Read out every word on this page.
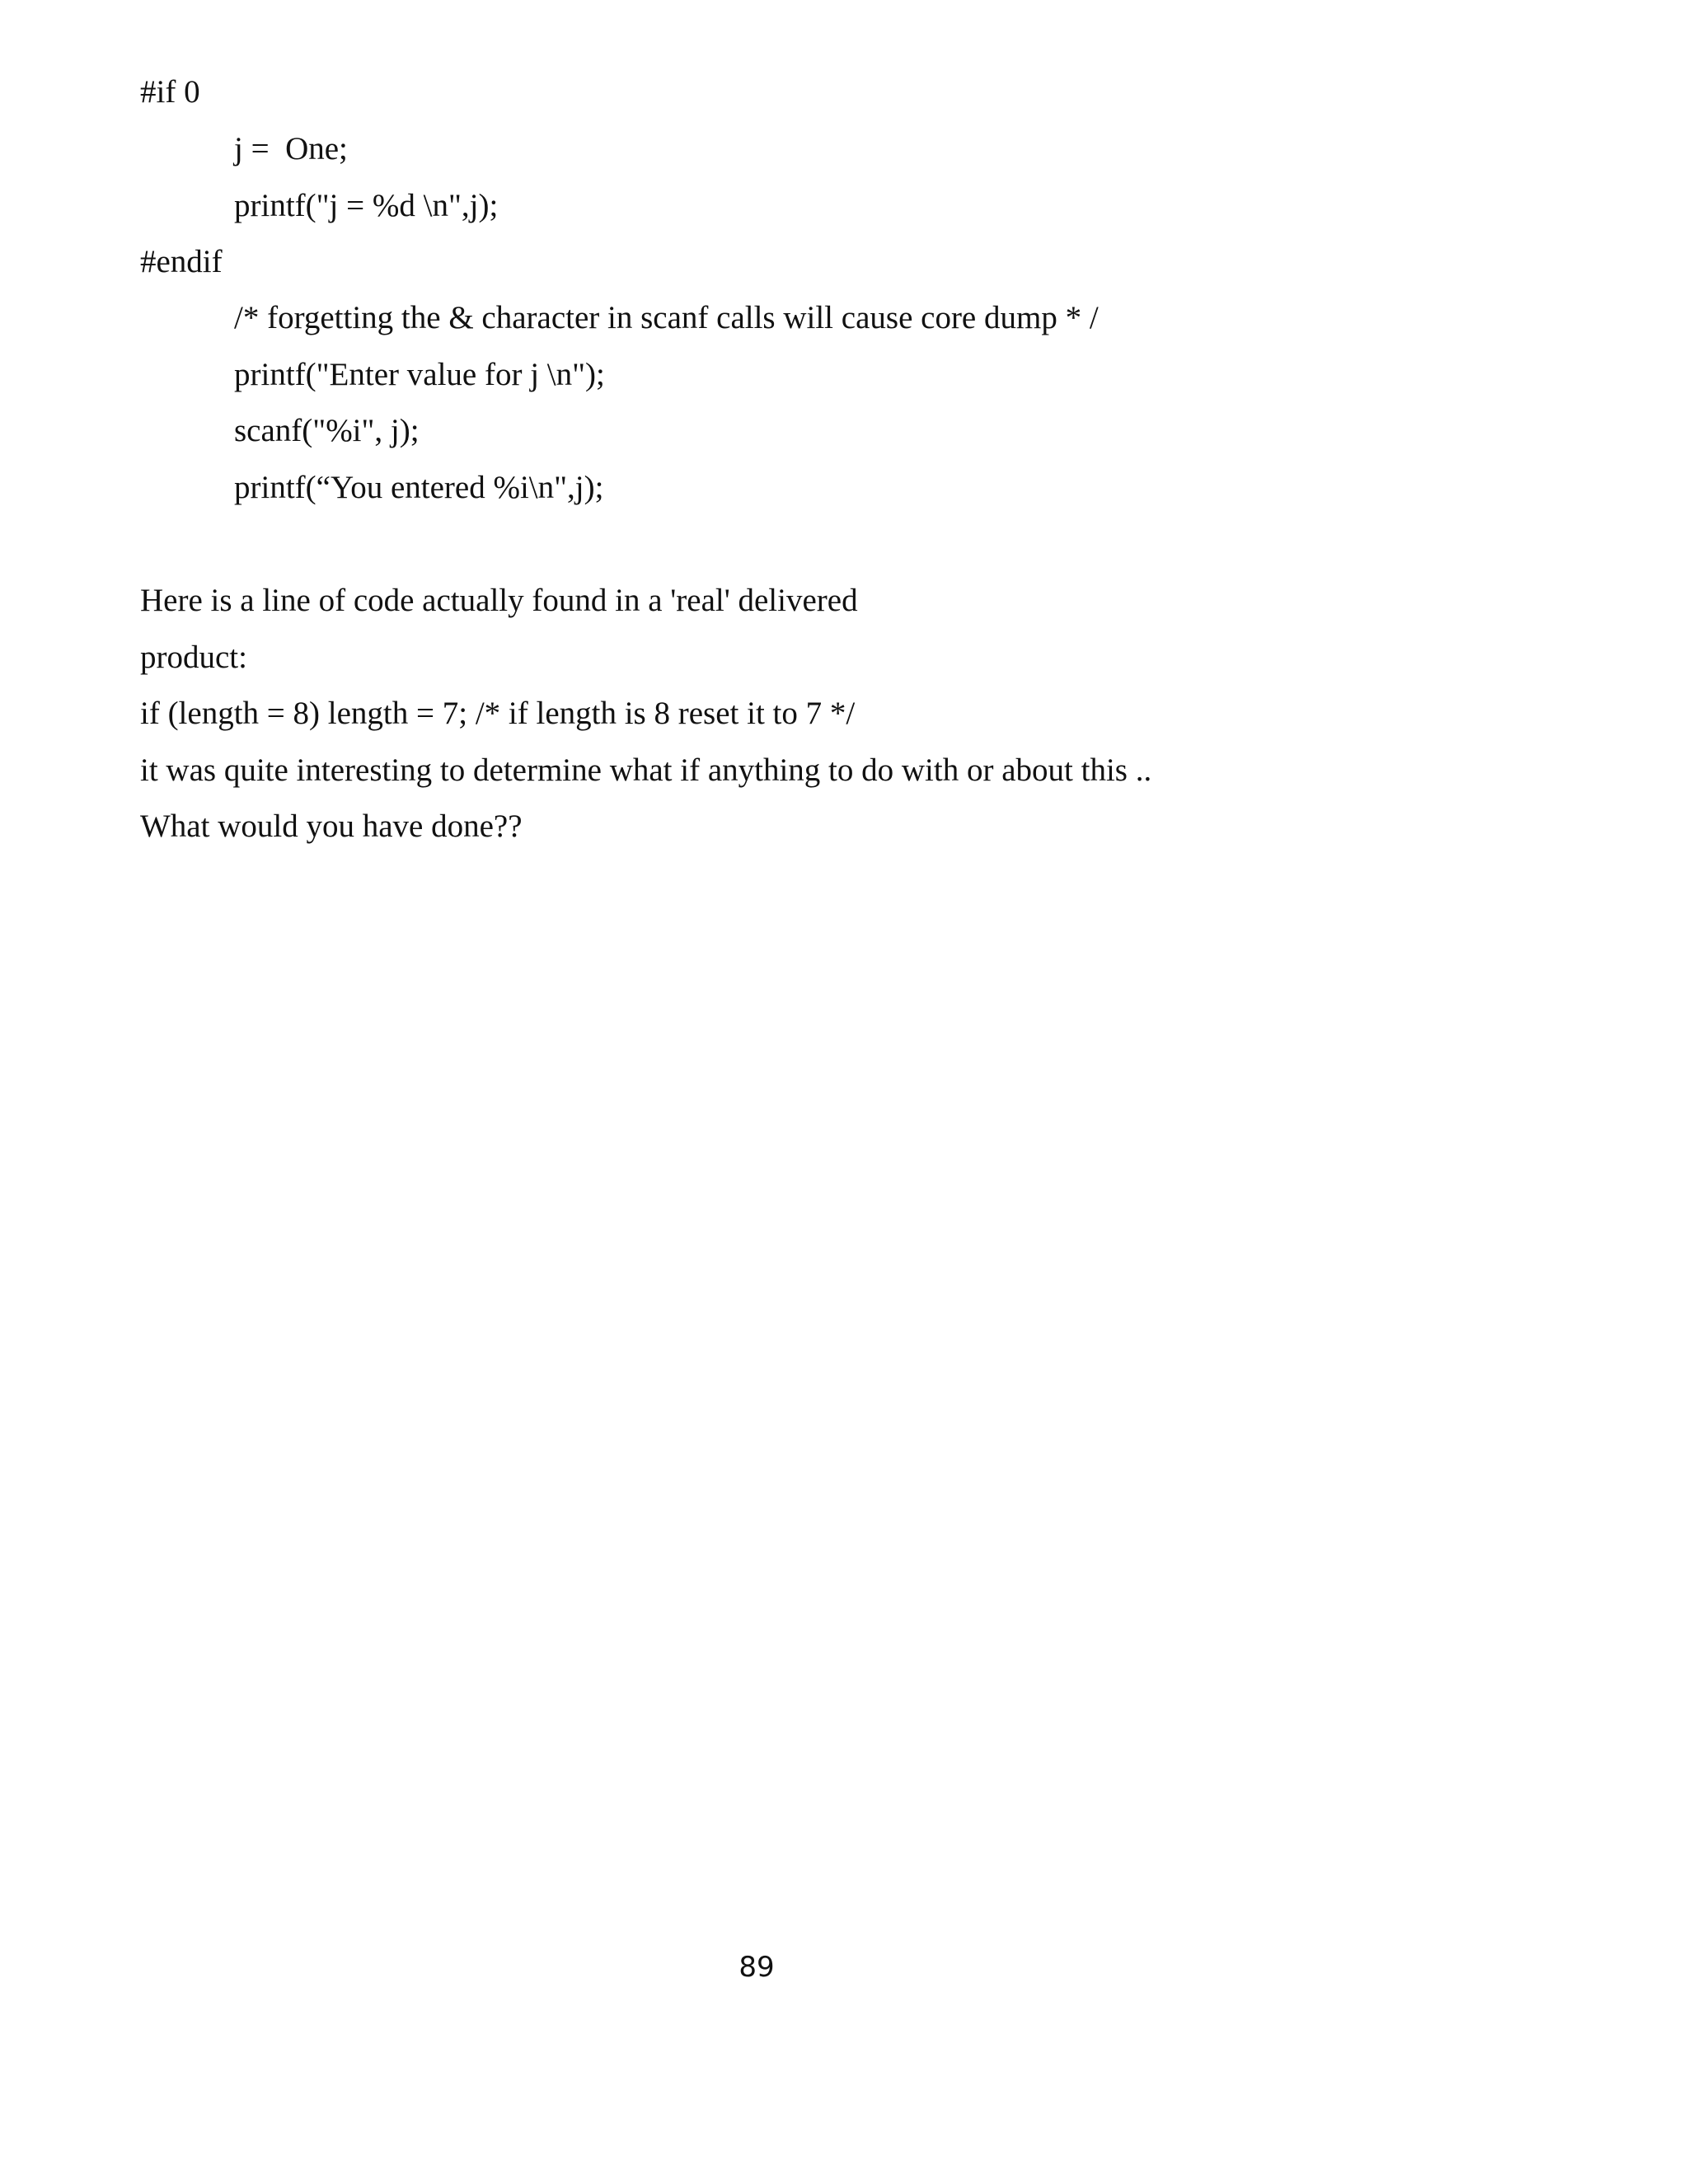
#if 0
j =  One;
printf("j = %d \n",j);
#endif
/* forgetting the & character in scanf calls will cause core dump * /
printf("Enter value for j \n");
scanf("%i", j);
printf(“You entered %i\n",j);
Here is a line of code actually found in a 'real' delivered
product:
if (length = 8) length = 7; /* if length is 8 reset it to 7 */
it was quite interesting to determine what if anything to do with or about this ..
What would you have done??
89
